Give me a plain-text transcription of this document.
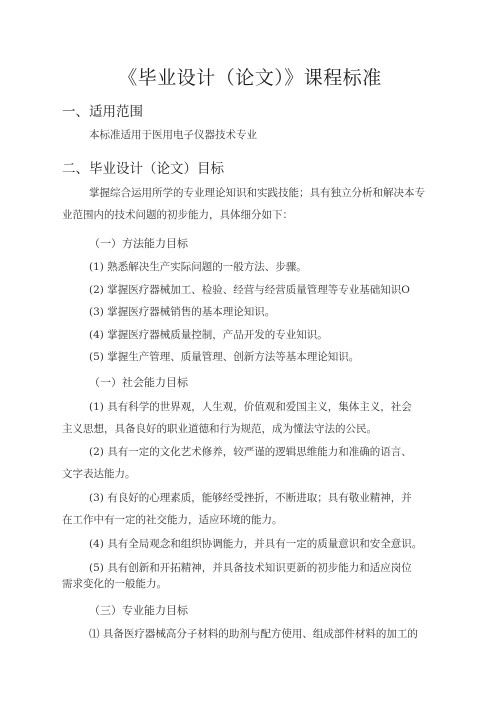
《毕业设计（论文）》课程标准
一、适用范围
本标准适用于医用电子仪器技术专业
二、毕业设计（论文）目标
掌握综合运用所学的专业理论知识和实践技能；具有独立分析和解决本专
业范围内的技术问题的初步能力，具体细分如下：
（一）方法能力目标
(1) 熟悉解决生产实际问题的一般方法、步骤。
(2) 掌握医疗器械加工、检验、经营与经营质量管理等专业基础知识O
(3) 掌握医疗器械销售的基本理论知识。
(4) 掌握医疗器械质量控制，产品开发的专业知识。
(5) 掌握生产管理、质量管理、创新方法等基本理论知识。
（一）社会能力目标
(1) 具有科学的世界观，人生观，价值观和爱国主义，集体主义，社会
主义思想，具备良好的职业道德和行为规范，成为懂法守法的公民。
(2) 具有一定的文化艺术修养，较严谨的逻辑思维能力和准确的语言、
文字表达能力。
(3) 有良好的心理素质，能够经受挫折，不断进取；具有敬业精神，并
在工作中有一定的社交能力，适应环境的能力。
(4) 具有全局观念和组织协调能力，并具有一定的质量意识和安全意识。
(5) 具有创新和开拓精神，并具备技术知识更新的初步能力和适应岗位
需求变化的一般能力。
（三）专业能力目标
⑴ 具备医疗器械高分子材料的助剂与配方使用、组成部件材料的加工的
